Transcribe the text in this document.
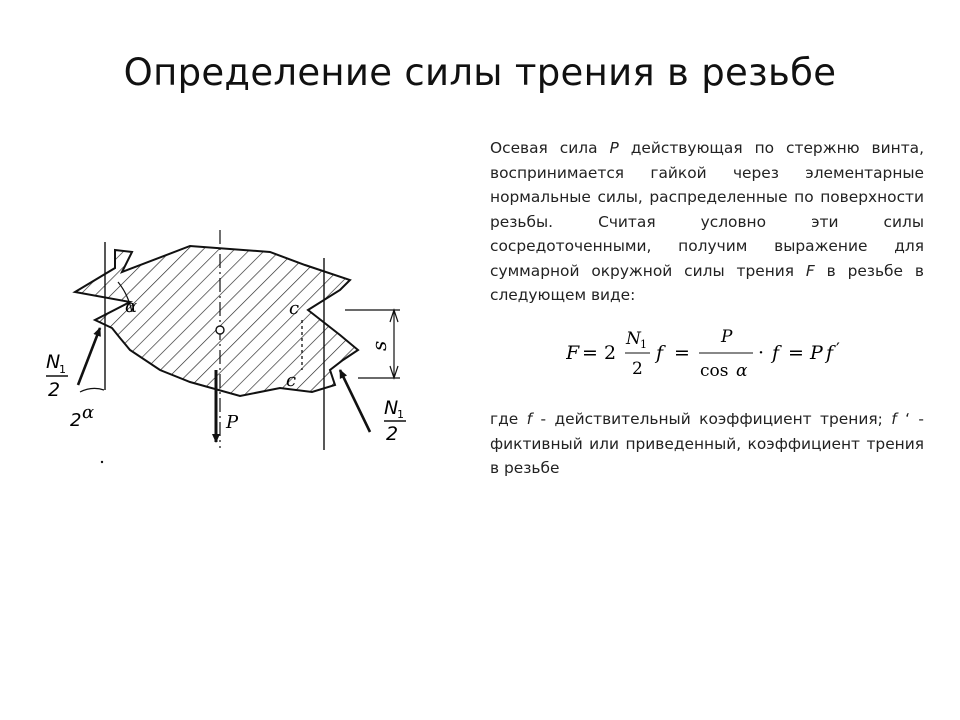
Определение силы трения в резьбе
P
α	c
c
s
N
1
2
2 α	N
1
2

Осевая сила P действующая по стержню винта, воспринимается гайкой через элементарные нормальные силы, распределенные по поверхности резьбы. Считая условно эти силы сосредоточенными, получим выражение для суммарной окружной силы трения F в резьбе в следующем виде:

F = 2
N 1
2
f =
P
cos α
· f = P f ′

где f - действительный коэффициент трения; f ‘ - фиктивный или приведенный, коэффициент трения в резьбе
